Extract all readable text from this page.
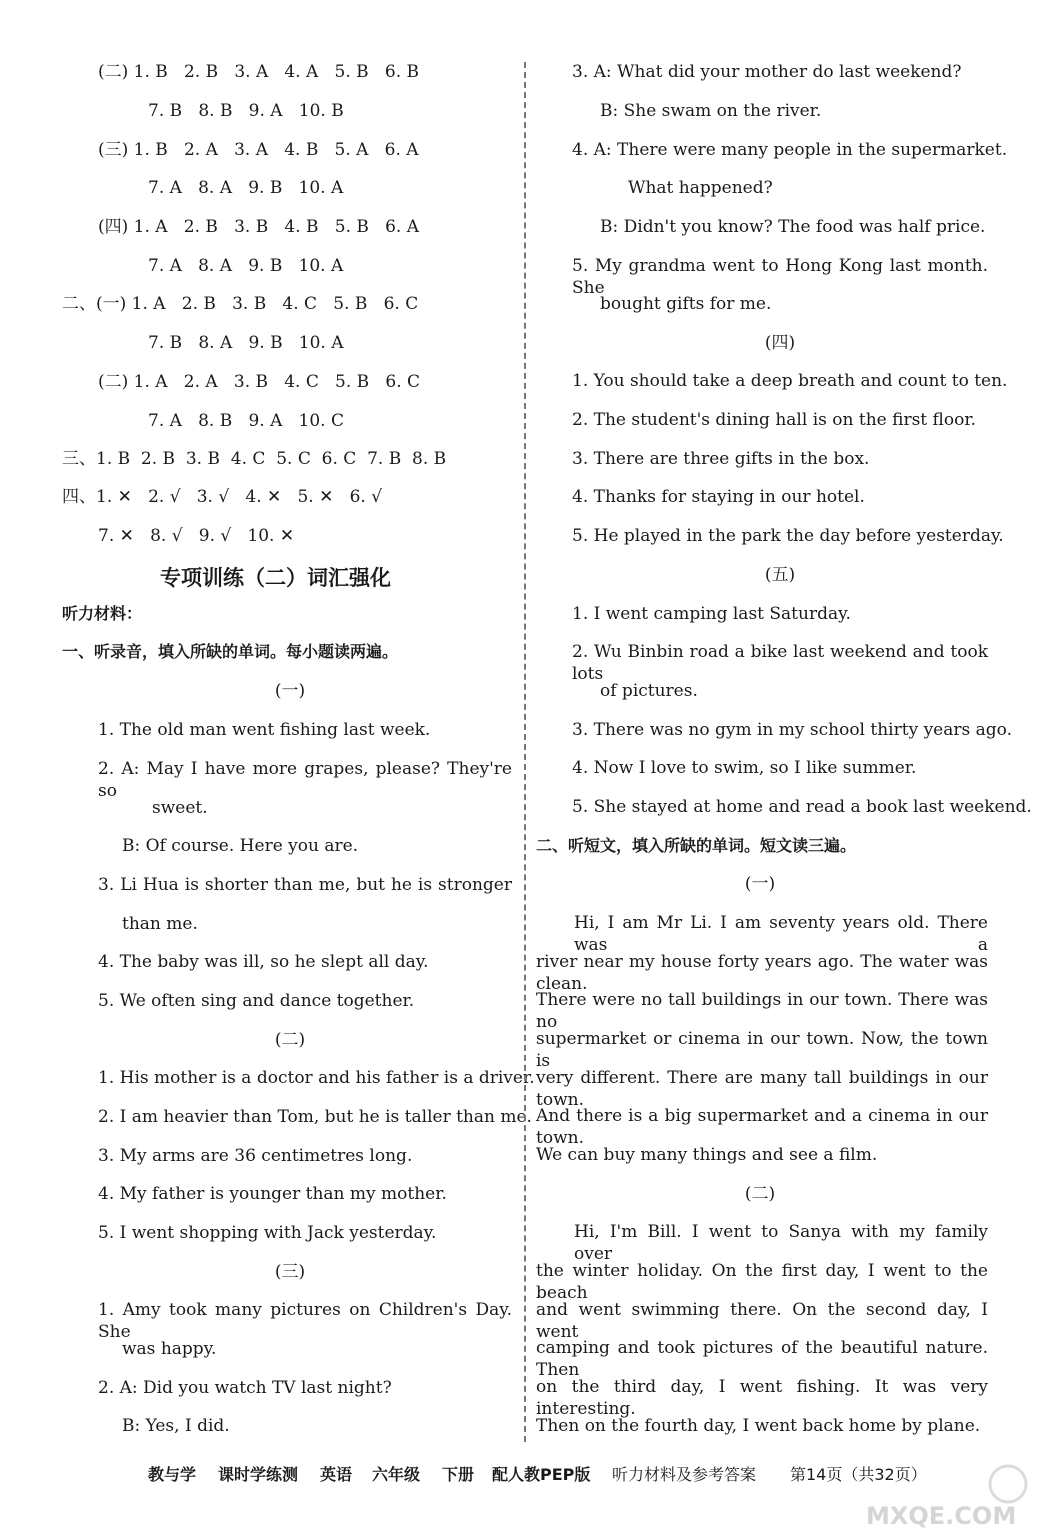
(二) 1. B   2. B   3. A   4. A   5. B   6. B
7. B   8. B   9. A   10. B
(三) 1. B   2. A   3. A   4. B   5. A   6. A
7. A   8. A   9. B   10. A
(四) 1. A   2. B   3. B   4. B   5. B   6. A
7. A   8. A   9. B   10. A
二、(一) 1. A   2. B   3. B   4. C   5. B   6. C
7. B   8. A   9. B   10. A
(二) 1. A   2. A   3. B   4. C   5. B   6. C
7. A   8. B   9. A   10. C
三、1. B  2. B  3. B  4. C  5. C  6. C  7. B  8. B
四、1. ✕   2. √   3. √   4. ✕   5. ✕   6. √
7. ✕   8. √   9. √   10. ✕
专项训练（二）词汇强化
听力材料：
一、听录音，填入所缺的单词。每小题读两遍。
(一)
1. The old man went fishing last week.
2. A: May I have more grapes, please? They're so
sweet.
B: Of course. Here you are.
3. Li Hua is shorter than me, but he is stronger
than me.
4. The baby was ill, so he slept all day.
5. We often sing and dance together.
(二)
1. His mother is a doctor and his father is a driver.
2. I am heavier than Tom, but he is taller than me.
3. My arms are 36 centimetres long.
4. My father is younger than my mother.
5. I went shopping with Jack yesterday.
(三)
1. Amy took many pictures on Children's Day. She
was happy.
2. A: Did you watch TV last night?
B: Yes, I did.
3. A: What did your mother do last weekend?
B: She swam on the river.
4. A: There were many people in the supermarket.
What happened?
B: Didn't you know? The food was half price.
5. My grandma went to Hong Kong last month. She
bought gifts for me.
(四)
1. You should take a deep breath and count to ten.
2. The student's dining hall is on the first floor.
3. There are three gifts in the box.
4. Thanks for staying in our hotel.
5. He played in the park the day before yesterday.
(五)
1. I went camping last Saturday.
2. Wu Binbin road a bike last weekend and took lots
of pictures.
3. There was no gym in my school thirty years ago.
4. Now I love to swim, so I like summer.
5. She stayed at home and read a book last weekend.
二、听短文，填入所缺的单词。短文读三遍。
(一)
Hi, I am Mr Li. I am seventy years old. There was a
river near my house forty years ago. The water was clean.
There were no tall buildings in our town. There was no
supermarket or cinema in our town. Now, the town is
very different. There are many tall buildings in our town.
And there is a big supermarket and a cinema in our town.
We can buy many things and see a film.
(二)
Hi, I'm Bill. I went to Sanya with my family over
the winter holiday. On the first day, I went to the beach
and went swimming there. On the second day, I went
camping and took pictures of the beautiful nature. Then
on the third day, I went fishing. It was very interesting.
Then on the fourth day, I went back home by plane.
教与学 课时学练测 英语 六年级 下册 配人教PEP版 听力材料及参考答案 第14页（共32页）
MXQE.COM
